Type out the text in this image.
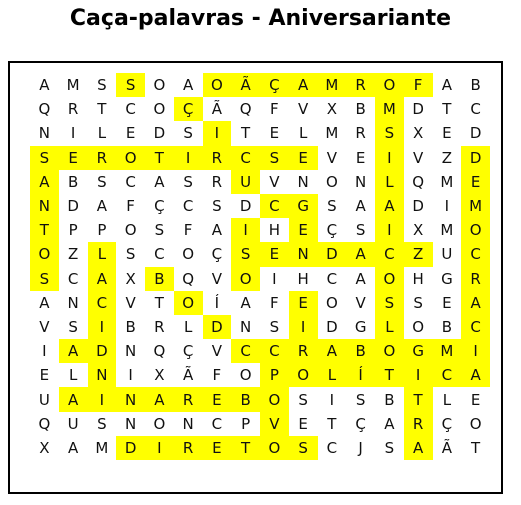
Caça-palavras - Aniversariante
A	M	S	S	O	A	O	Ã	Ç	A	M	R	O	F	A	B
Q	R	T	C	O	Ç	Ã	Q	F	V	X	B	M	D	T	C
N	I	L	E	D	S	I	T	E	L	M	R	S	X	E	D
S	E	R	O	T	I	R	C	S	E	V	E	I	V	Z	D
A	B	S	C	A	S	R	U	V	N	O	N	L	Q	M	E
N	D	A	F	Ç	C	S	D	C	G	S	A	A	D	I	M
T	P	P	O	S	F	A	I	H	E	Ç	S	I	X	M	O
O	Z	L	S	C	O	Ç	S	E	N	D	A	C	Z	U	C
S	C	A	X	B	Q	V	O	I	H	C	A	O	H	G	R
A	N	C	V	T	O	Í	A	F	E	O	V	S	S	E	A
V	S	I	B	R	L	D	N	S	I	D	G	L	O	B	C
I	A	D	N	Q	Ç	V	C	C	R	A	B	O	G	M	I
E	L	N	I	X	Ã	F	O	P	O	L	Í	T	I	C	A
U	A	I	N	A	R	E	B	O	S	I	S	B	T	L	E
Q	U	S	N	O	N	C	P	V	E	T	Ç	A	R	Ç	O
X	A	M	D	I	R	E	T	O	S	C	J	S	A	Ã	T
